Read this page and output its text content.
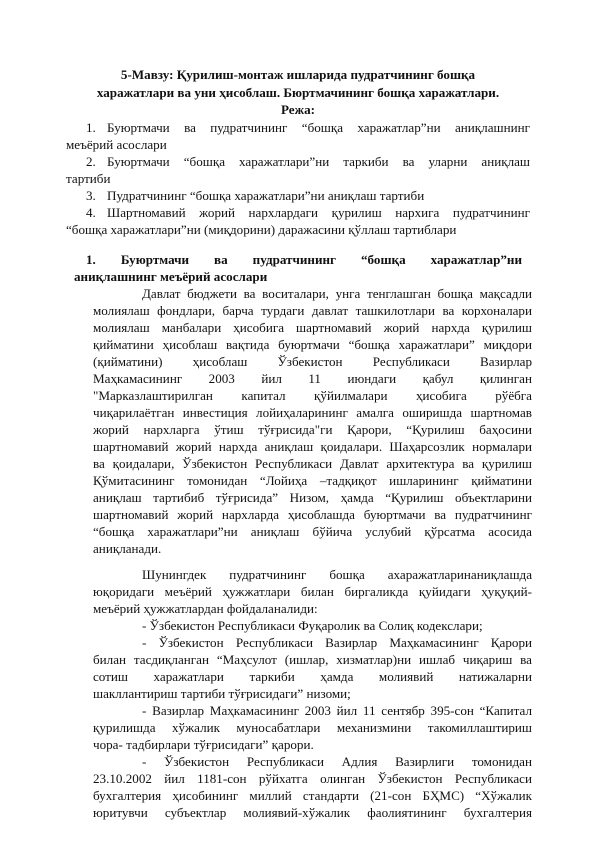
5-Мавзу: Қурилиш-монтаж ишларида пудратчининг бошқа
харажатлари ва уни ҳисоблаш. Бюртмачининг бошқа харажатлари.
Режа:
1. Буюртмачи ва пудратчининг “бошқа харажатлар”ни аниқлашнинг
меъёрий асослари
2. Буюртмачи “бошқа харажатлари”ни таркиби ва уларни аниқлаш
тартиби
3. Пудратчининг “бошқа харажатлари”ни аниқлаш тартиби
4. Шартномавий жорий нархлардаги қурилиш нархига пудратчининг
“бошқа харажатлари”ни (миқдорини) даражасини қўллаш тартиблари
1. Буюртмачи ва пудратчининг “бошқа харажатлар”ни
аниқлашнинг меъёрий асослари
Давлат бюджети ва воситалари, унга тенглашган бошқа мақсадли
молиялаш фондлари, барча турдаги давлат ташкилотлари ва корхоналари
молиялаш манбалари ҳисобига шартномавий жорий нархда қурилиш
қийматини ҳисоблаш вақтида буюртмачи “бошқа харажатлари” миқдори
(қийматини) ҳисоблаш Ўзбекистон Республикаси Вазирлар
Маҳкамасининг 2003 йил 11 июндаги қабул қилинган
"Марказлаштирилган капитал қўйилмалари ҳисобига рўёбга
чиқарилаётган инвестиция лойиҳаларининг амалга оширишда шартномав
жорий нархларга ўтиш тўғрисида"ги Қарори, “Қурилиш баҳосини
шартномавий жорий нархда аниқлаш қоидалари. Шаҳарсозлик нормалари
ва қоидалари, Ўзбекистон Республикаси Давлат архитектура ва қурилиш
Қўмитасининг томонидан “Лойиҳа –тадқиқот ишларининг қийматини
аниқлаш тартибиб тўғрисида” Низом, ҳамда “Қурилиш объектларини
шартномавий жорий нархларда ҳисоблашда буюртмачи ва пудратчининг
“бошқа харажатлари”ни аниқлаш бўйича услубий қўрсатма асосида
аниқланади.
Шунингдек пудратчининг бошқа ахаражатларинаниқлашда
юқоридаги меъёрий ҳужжатлари билан биргаликда қуйидаги ҳуқуқий-
меъёрий ҳужжатлардан фойдаланалиди:
- Ўзбекистон Республикаси Фуқаролик ва Солиқ кодекслари;
- Ўзбекистон Республикаси Вазирлар Маҳкамасининг Қарори
билан тасдиқланган “Маҳсулот (ишлар, хизматлар)ни ишлаб чиқариш ва
сотиш харажатлари таркиби ҳамда молиявий натижаларни
шакллантириш тартиби тўғрисидаги” низоми;
- Вазирлар Маҳкамасининг 2003 йил 11 сентябр 395-сон “Капитал
қурилишда хўжалик муносабатлари механизмини такомиллаштириш
чора- тадбирлари тўғрисидаги” қарори.
- Ўзбекистон Республикаси Адлия Вазирлиги томонидан
23.10.2002 йил 1181-сон рўйхатга олинган Ўзбекистон Республикаси
бухгалтерия ҳисобининг миллий стандарти (21-сон БҲМС) “Хўжалик
юритувчи субъектлар молиявий-хўжалик фаолиятининг бухгалтерия
